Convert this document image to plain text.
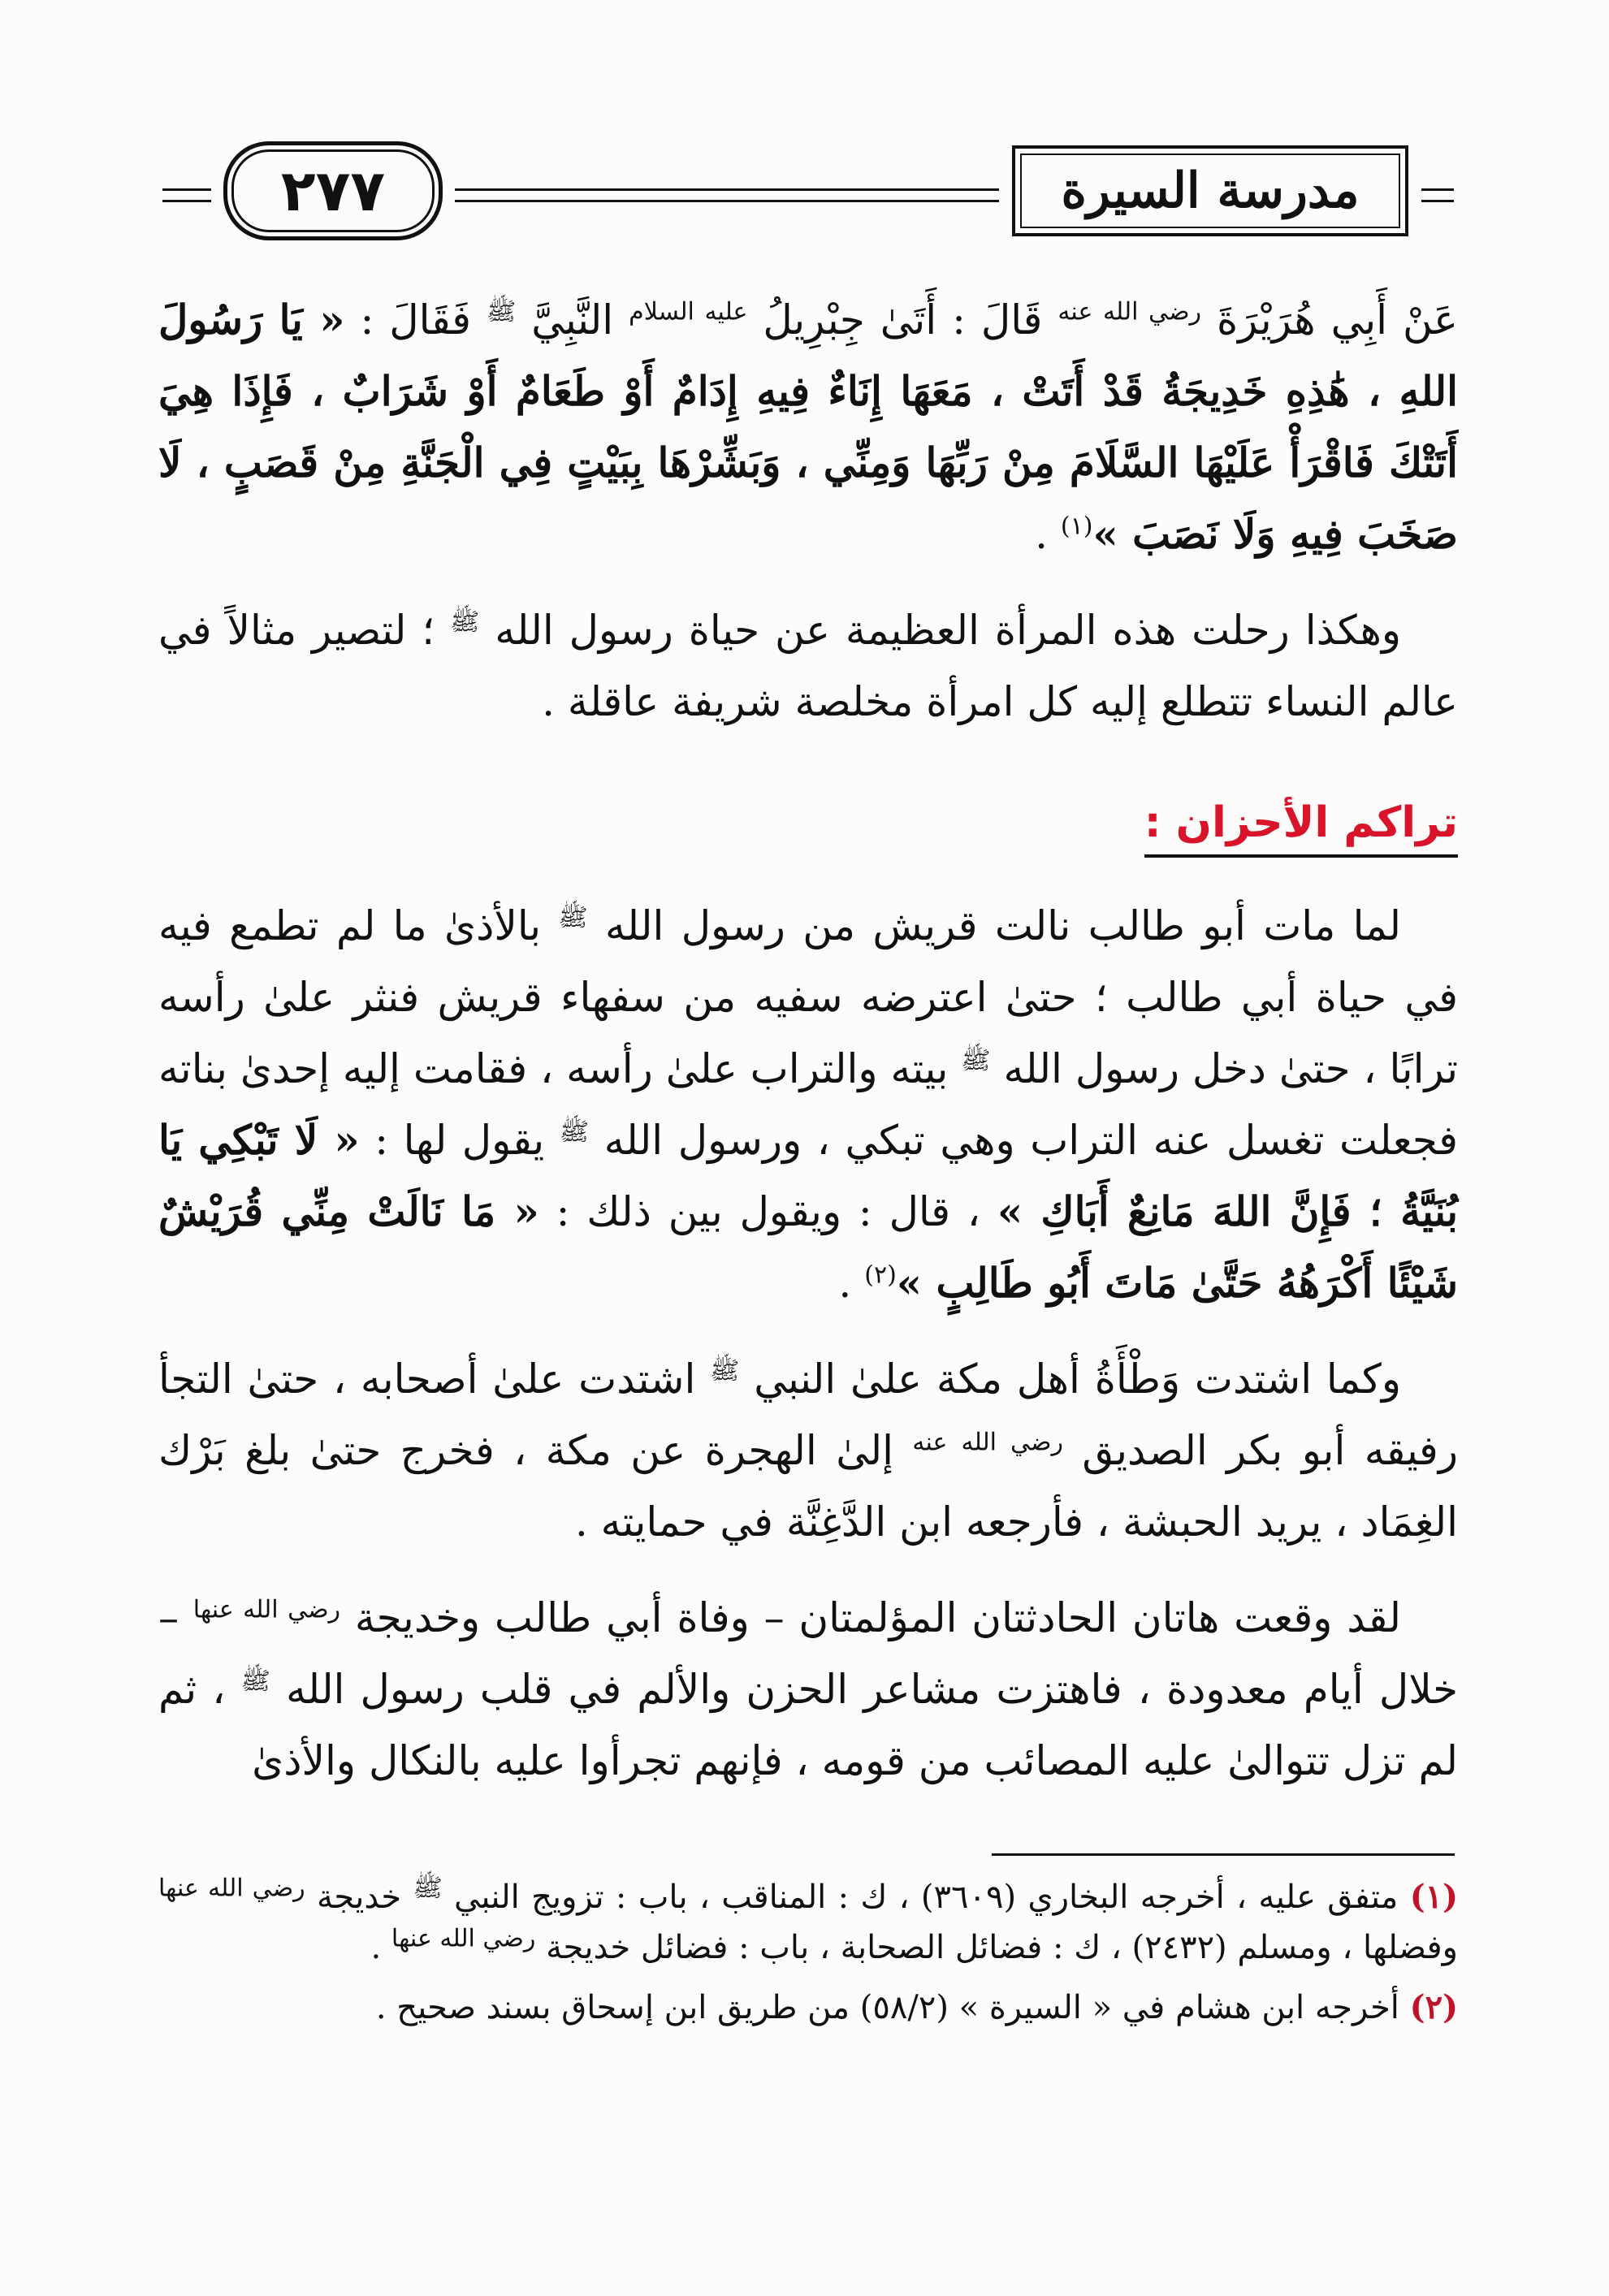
٢٧٧	مدرسة السيرة

عَنْ أَبِي هُرَيْرَةَ $^{رضي الله عنه}$ قَالَ : أَتَىٰ جِبْرِيلُ $^{عليه السلام}$ النَّبِيَّ $^ﷺ$ فَقَالَ : « يَا رَسُولَ اللهِ ، هَٰذِهِ خَدِيجَةُ قَدْ أَتَتْ ، مَعَهَا إِنَاءٌ فِيهِ إِدَامٌ أَوْ طَعَامٌ أَوْ شَرَابٌ ، فَإِذَا هِيَ أَتَتْكَ فَاقْرَأْ عَلَيْهَا السَّلَامَ مِنْ رَبِّهَا وَمِنِّي ، وَبَشِّرْهَا بِبَيْتٍ فِي الْجَنَّةِ مِنْ قَصَبٍ ، لَا صَخَبَ فِيهِ وَلَا نَصَبَ »$^{(١)}$ .

وهكذا رحلت هذه المرأة العظيمة عن حياة رسول الله $^ﷺ$ ؛ لتصير مثالاً في عالم النساء تتطلع إليه كل امرأة مخلصة شريفة عاقلة .

تراكم الأحزان :

لما مات أبو طالب نالت قريش من رسول الله $^ﷺ$ بالأذىٰ ما لم تطمع فيه في حياة أبي طالب ؛ حتىٰ اعترضه سفيه من سفهاء قريش فنثر علىٰ رأسه ترابًا ، حتىٰ دخل رسول الله $^ﷺ$ بيته والتراب علىٰ رأسه ، فقامت إليه إحدىٰ بناته فجعلت تغسل عنه التراب وهي تبكي ، ورسول الله $^ﷺ$ يقول لها : « لَا تَبْكِي يَا بُنَيَّةُ ؛ فَإِنَّ اللهَ مَانِعٌ أَبَاكِ » ، قال : ويقول بين ذلك : « مَا نَالَتْ مِنِّي قُرَيْشٌ شَيْئًا أَكْرَهُهُ حَتَّىٰ مَاتَ أَبُو طَالِبٍ »$^{(٢)}$ .

وكما اشتدت وَطْأَةُ أهل مكة علىٰ النبي $^ﷺ$ اشتدت علىٰ أصحابه ، حتىٰ التجأ رفيقه أبو بكر الصديق $^{رضي الله عنه}$ إلىٰ الهجرة عن مكة ، فخرج حتىٰ بلغ بَرْك الغِمَاد ، يريد الحبشة ، فأرجعه ابن الدَّغِنَّة في حمايته .

لقد وقعت هاتان الحادثتان المؤلمتان – وفاة أبي طالب وخديجة $^{رضي الله عنها}$ – خلال أيام معدودة ، فاهتزت مشاعر الحزن والألم في قلب رسول الله $^ﷺ$ ، ثم لم تزل تتوالىٰ عليه المصائب من قومه ، فإنهم تجرأوا عليه بالنكال والأذىٰ

(١) متفق عليه ، أخرجه البخاري (٣٦٠٩) ، ك : المناقب ، باب : تزويج النبي $^ﷺ$ خديجة $^{رضي الله عنها}$ وفضلها ، ومسلم (٢٤٣٢) ، ك : فضائل الصحابة ، باب : فضائل خديجة $^{رضي الله عنها}$ .

(٢) أخرجه ابن هشام في « السيرة » (٥٨/٢) من طريق ابن إسحاق بسند صحيح .
